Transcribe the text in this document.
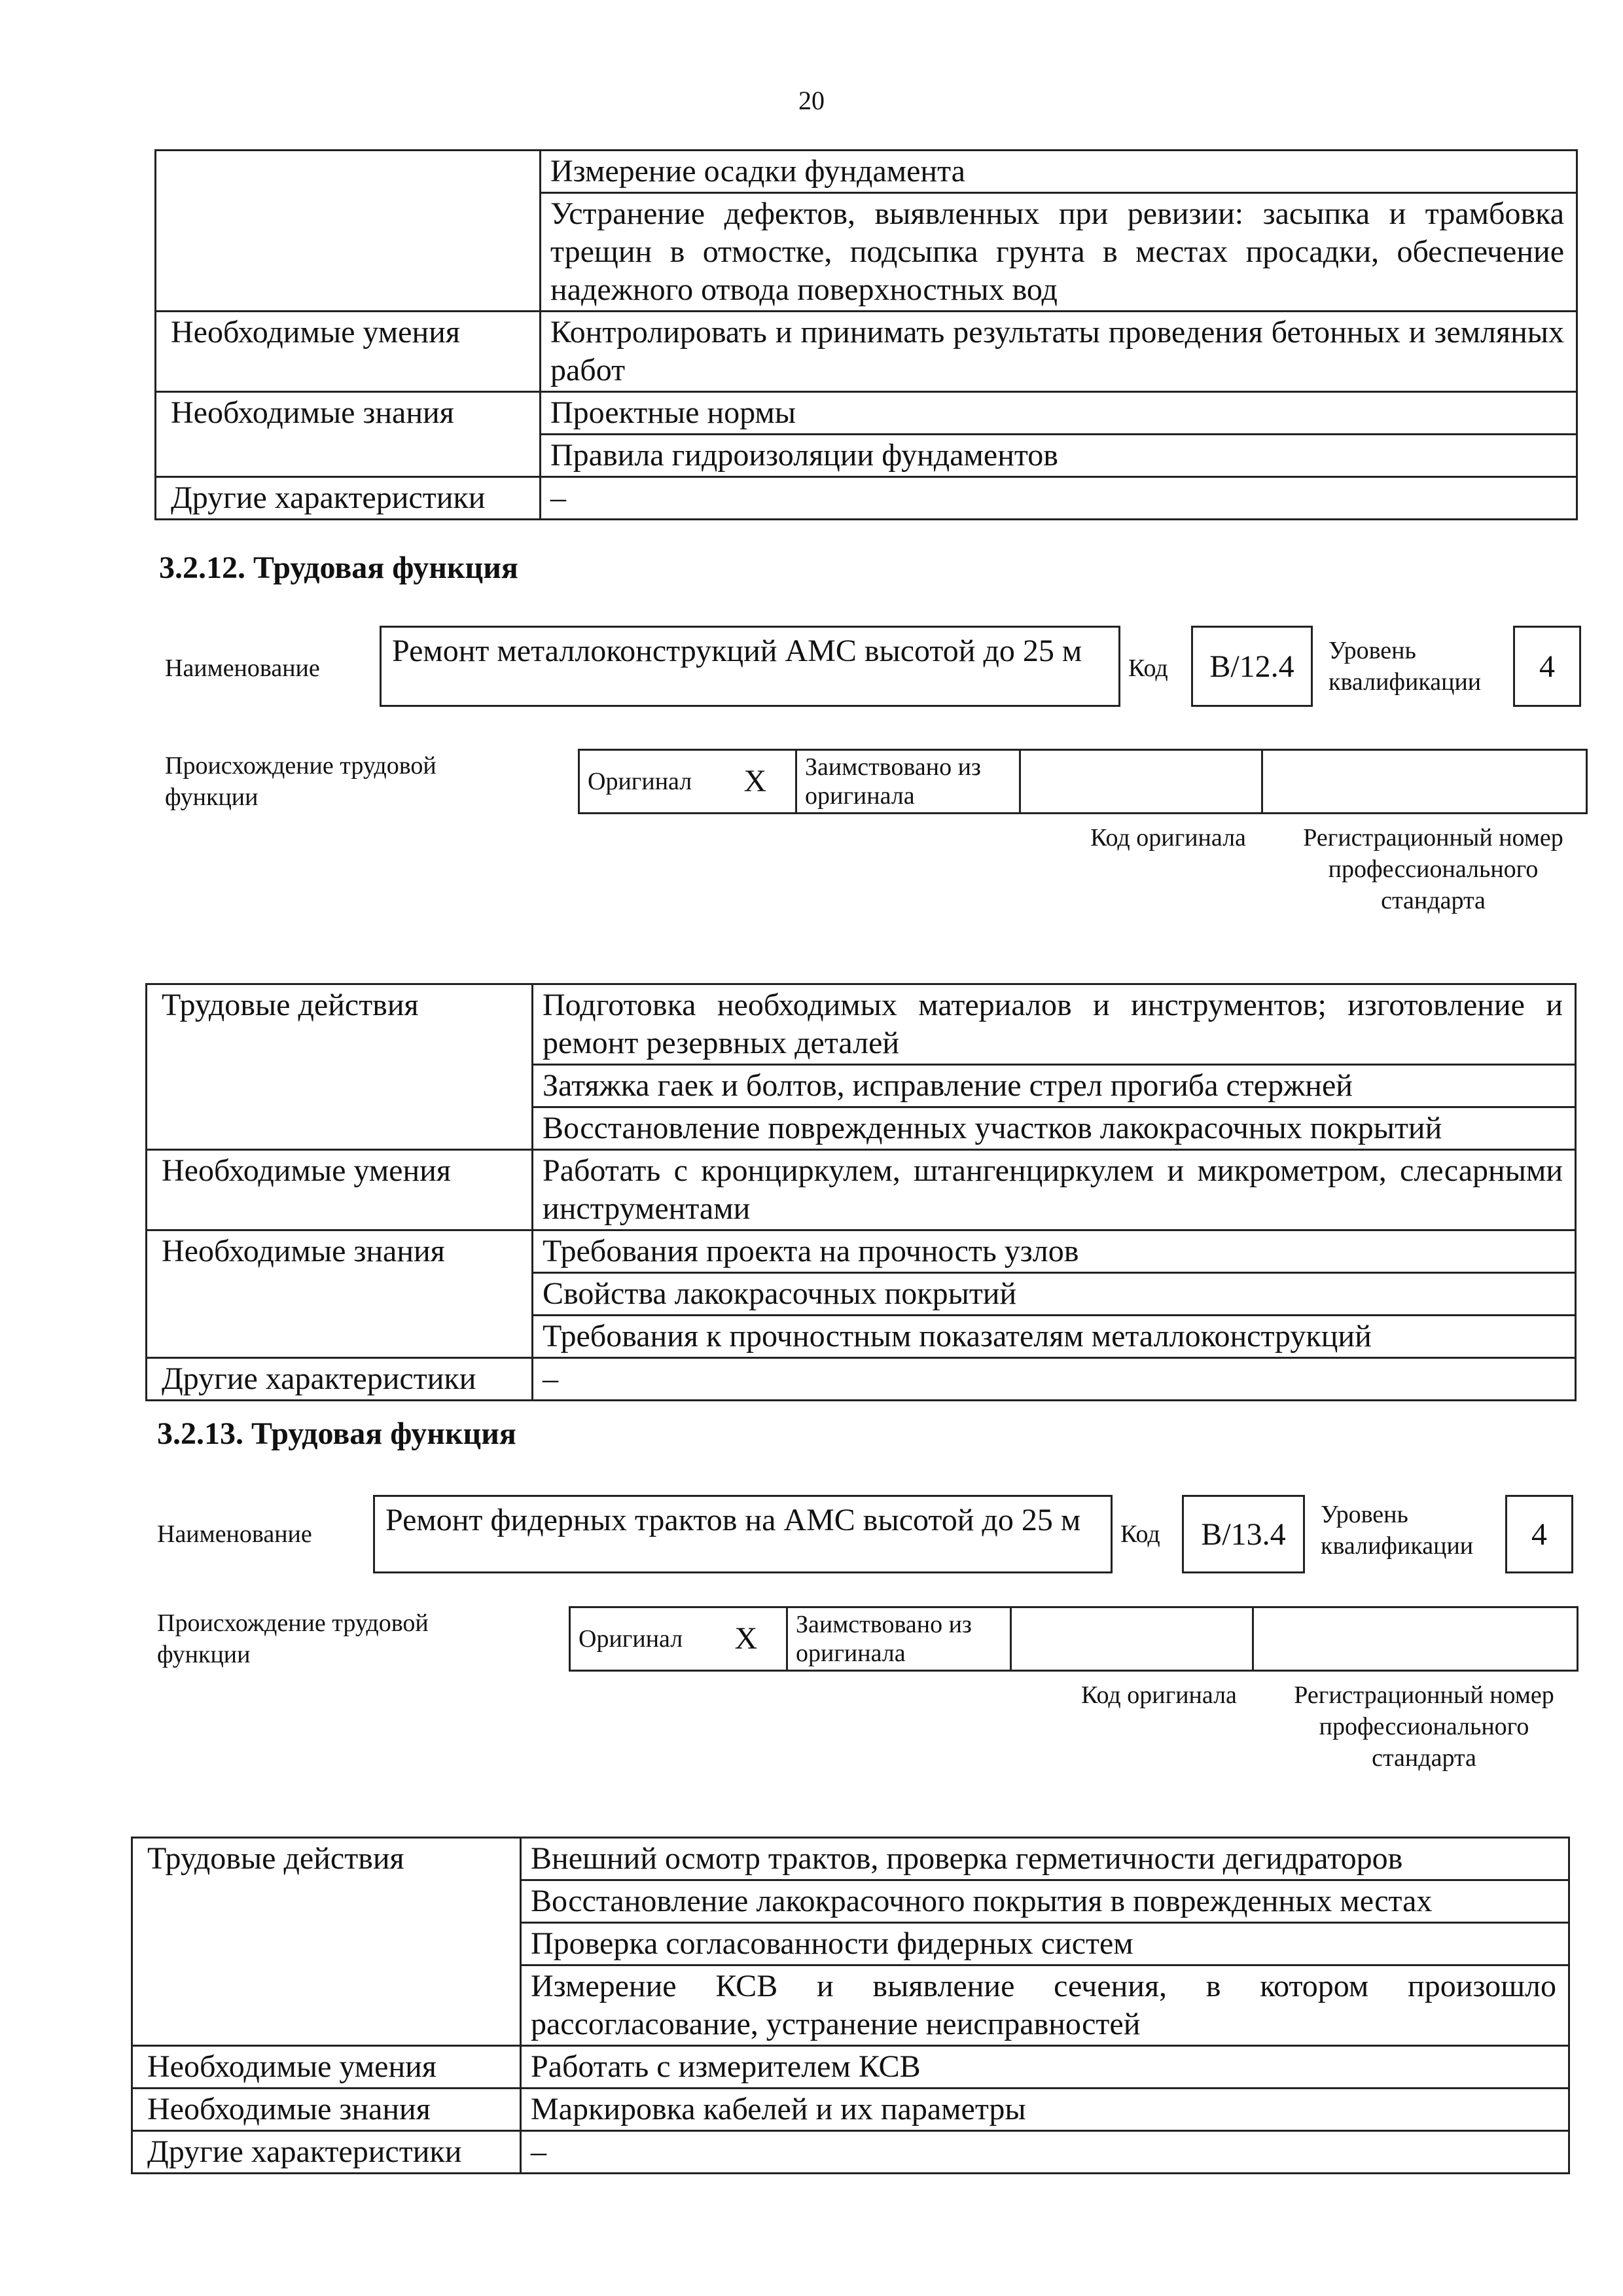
20
	Измерение осадки фундамента
	Устранение дефектов, выявленных при ревизии: засыпка и трамбовка трещин в отмостке, подсыпка грунта в местах просадки, обеспечение надежного отвода поверхностных вод
Необходимые умения	Контролировать и принимать результаты проведения бетонных и земляных работ
Необходимые знания	Проектные нормы
	Правила гидроизоляции фундаментов
Другие характеристики	–
3.2.12. Трудовая функция
Наименование	Ремонт металлоконструкций АМС высотой до 25 м	Код B/12.4 Уровень квалификации	4
Происхождение трудовой функции
Оригинал	X	Заимствовано из оригинала		
Код оригинала	Регистрационный номер профессионального стандарта
Трудовые действия	Подготовка необходимых материалов и инструментов; изготовление и ремонт резервных деталей
	Затяжка гаек и болтов, исправление стрел прогиба стержней
	Восстановление поврежденных участков лакокрасочных покрытий
Необходимые умения	Работать с кронциркулем, штангенциркулем и микрометром, слесарными инструментами
Необходимые знания	Требования проекта на прочность узлов
	Свойства лакокрасочных покрытий
	Требования к прочностным показателям металлоконструкций
Другие характеристики	–
3.2.13. Трудовая функция
Наименование	Ремонт фидерных трактов на АМС высотой до 25 м	Код B/13.4
Уровень квалификации	4
Происхождение трудовой функции
Оригинал	X	Заимствовано из оригинала		
Код оригинала	Регистрационный номер профессионального стандарта
Трудовые действия	Внешний осмотр трактов, проверка герметичности дегидраторов
	Восстановление лакокрасочного покрытия в поврежденных местах
	Проверка согласованности фидерных систем
	Измерение КСВ и выявление сечения, в котором произошло рассогласование, устранение неисправностей
Необходимые умения	Работать с измерителем КСВ
Необходимые знания	Маркировка кабелей и их параметры
Другие характеристики	–
